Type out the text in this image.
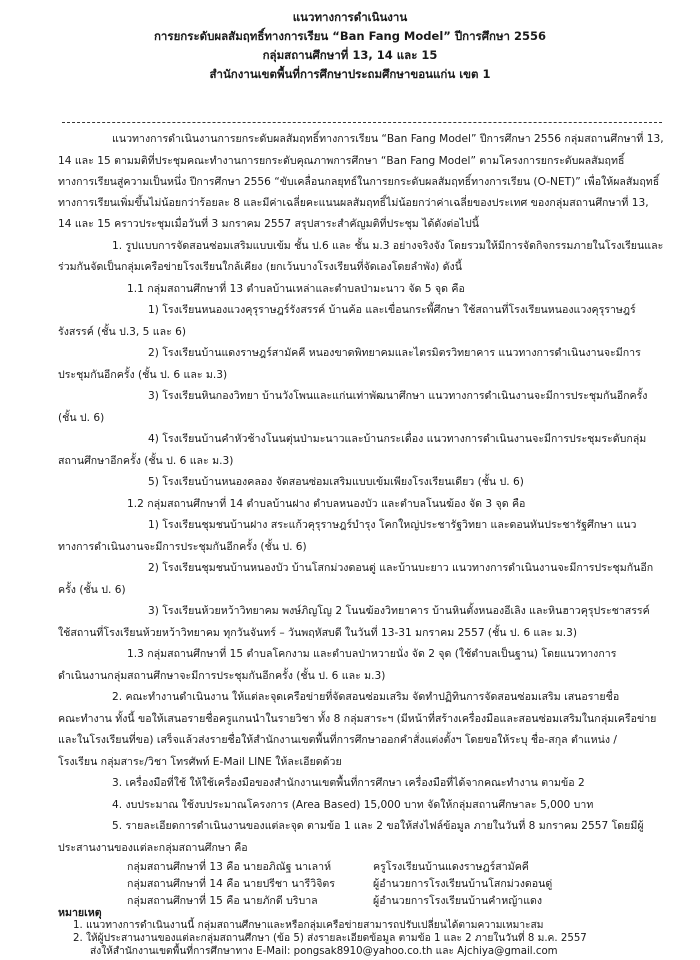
แนวทางการดำเนินงาน
การยกระดับผลสัมฤทธิ์ทางการเรียน “Ban Fang Model” ปีการศึกษา 2556
กลุ่มสถานศึกษาที่ 13, 14 และ 15
สำนักงานเขตพื้นที่การศึกษาประถมศึกษาขอนแก่น เขต 1
แนวทางการดำเนินงานการยกระดับผลสัมฤทธิ์ทางการเรียน “Ban Fang Model” ปีการศึกษา 2556 กลุ่มสถานศึกษาที่ 13,
14 และ 15 ตามมติที่ประชุมคณะทำงานการยกระดับคุณภาพการศึกษา “Ban Fang Model” ตามโครงการยกระดับผลสัมฤทธิ์
ทางการเรียนสู่ความเป็นหนึ่ง ปีการศึกษา 2556 “ขับเคลื่อนกลยุทธ์ในการยกระดับผลสัมฤทธิ์ทางการเรียน (O-NET)” เพื่อให้ผลสัมฤทธิ์
ทางการเรียนเพิ่มขึ้นไม่น้อยกว่าร้อยละ 8 และมีค่าเฉลี่ยคะแนนผลสัมฤทธิ์ไม่น้อยกว่าค่าเฉลี่ยของประเทศ ของกลุ่มสถานศึกษาที่ 13,
14 และ 15 คราวประชุมเมื่อวันที่ 3 มกราคม 2557 สรุปสาระสำคัญมติที่ประชุม ได้ดังต่อไปนี้
1. รูปแบบการจัดสอนซ่อมเสริมแบบเข้ม ชั้น ป.6 และ ชั้น ม.3 อย่างจริงจัง โดยรวมให้มีการจัดกิจกรรมภายในโรงเรียนและ
ร่วมกันจัดเป็นกลุ่มเครือข่ายโรงเรียนใกล้เคียง (ยกเว้นบางโรงเรียนที่จัดเองโดยลำพัง) ดังนี้
1.1 กลุ่มสถานศึกษาที่ 13 ตำบลบ้านเหล่าและตำบลป่ามะนาว จัด 5 จุด คือ
1) โรงเรียนหนองแวงคุรุราษฎร์รังสรรค์ บ้านค้อ และเขื่อนกระพี้ศึกษา ใช้สถานที่โรงเรียนหนองแวงคุรุราษฎร์
รังสรรค์ (ชั้น ป.3, 5 และ 6)
2) โรงเรียนบ้านแดงราษฎร์สามัคคี หนองขาดพิทยาคมและไตรมิตรวิทยาคาร แนวทางการดำเนินงานจะมีการ
ประชุมกันอีกครั้ง (ชั้น ป. 6 และ ม.3)
3) โรงเรียนหินกองวิทยา บ้านวังโพนและแก่นเท่าพัฒนาศึกษา แนวทางการดำเนินงานจะมีการประชุมกันอีกครั้ง
(ชั้น ป. 6)
4) โรงเรียนบ้านคำหัวช้างโนนตุ่นป่ามะนาวและบ้านกระเดื่อง แนวทางการดำเนินงานจะมีการประชุมระดับกลุ่ม
สถานศึกษาอีกครั้ง (ชั้น ป. 6 และ ม.3)
5) โรงเรียนบ้านหนองคลอง จัดสอนซ่อมเสริมแบบเข้มเพียงโรงเรียนเดียว (ชั้น ป. 6)
1.2 กลุ่มสถานศึกษาที่ 14 ตำบลบ้านฝาง ตำบลหนองบัว และตำบลโนนฆ้อง จัด 3 จุด คือ
1) โรงเรียนชุมชนบ้านฝาง สระแก้วคุรุราษฎร์บำรุง โคกใหญ่ประชารัฐวิทยา และดอนหันประชารัฐศึกษา แนว
ทางการดำเนินงานจะมีการประชุมกันอีกครั้ง (ชั้น ป. 6)
2) โรงเรียนชุมชนบ้านหนองบัว บ้านโสกม่วงดอนดู่ และบ้านบะยาว แนวทางการดำเนินงานจะมีการประชุมกันอีก
ครั้ง (ชั้น ป. 6)
3) โรงเรียนห้วยหว้าวิทยาคม พงษ์ภิญโญ 2 โนนฆ้องวิทยาคาร บ้านหินตั้งหนองอีเลิง และหินฮาวคุรุประชาสรรค์
ใช้สถานที่โรงเรียนห้วยหว้าวิทยาคม ทุกวันจันทร์ – วันพฤหัสบดี ในวันที่ 13-31 มกราคม 2557 (ชั้น ป. 6 และ ม.3)
1.3 กลุ่มสถานศึกษาที่ 15 ตำบลโคกงาม และตำบลป่าหวายนั่ง จัด 2 จุด (ใช้ตำบลเป็นฐาน) โดยแนวทางการ
ดำเนินงานกลุ่มสถานศึกษาจะมีการประชุมกันอีกครั้ง (ชั้น ป. 6 และ ม.3)
2. คณะทำงานดำเนินงาน ให้แต่ละจุดเครือข่ายที่จัดสอนซ่อมเสริม จัดทำปฏิทินการจัดสอนซ่อมเสริม เสนอรายชื่อ
คณะทำงาน ทั้งนี้ ขอให้เสนอรายชื่อครูแกนนำในรายวิชา ทั้ง 8 กลุ่มสาระฯ (มีหน้าที่สร้างเครื่องมือและสอนซ่อมเสริมในกลุ่มเครือข่าย
และในโรงเรียนที่ขอ) เสร็จแล้วส่งรายชื่อให้สำนักงานเขตพื้นที่การศึกษาออกคำสั่งแต่งตั้งฯ โดยขอให้ระบุ ชื่อ-สกุล ตำแหน่ง /
โรงเรียน กลุ่มสาระ/วิชา โทรศัพท์ E-Mail LINE ให้ละเอียดด้วย
3. เครื่องมือที่ใช้ ให้ใช้เครื่องมือของสำนักงานเขตพื้นที่การศึกษา เครื่องมือที่ได้จากคณะทำงาน ตามข้อ 2
4. งบประมาณ ใช้งบประมาณโครงการ (Area Based) 15,000 บาท จัดให้กลุ่มสถานศึกษาละ 5,000 บาท
5. รายละเอียดการดำเนินงานของแต่ละจุด ตามข้อ 1 และ 2 ขอให้ส่งไฟล์ข้อมูล ภายในวันที่ 8 มกราคม 2557 โดยมีผู้
ประสานงานของแต่ละกลุ่มสถานศึกษา คือ
กลุ่มสถานศึกษาที่ 13 คือ นายอภิณัฐ นาเลาห์	ครูโรงเรียนบ้านแดงราษฎร์สามัคคี
กลุ่มสถานศึกษาที่ 14 คือ นายปรีชา นารีวิจิตร	ผู้อำนวยการโรงเรียนบ้านโสกม่วงดอนดู่
กลุ่มสถานศึกษาที่ 15 คือ นายภักดี บริบาล	ผู้อำนวยการโรงเรียนบ้านคำหญ้าแดง
หมายเหตุ
1. แนวทางการดำเนินงานนี้ กลุ่มสถานศึกษาและหรือกลุ่มเครือข่ายสามารถปรับเปลี่ยนได้ตามความเหมาะสม
2. ให้ผู้ประสานงานของแต่ละกลุ่มสถานศึกษา (ข้อ 5) ส่งรายละเอียดข้อมูล ตามข้อ 1 และ 2 ภายในวันที่ 8 ม.ค. 2557
ส่งให้สำนักงานเขตพื้นที่การศึกษาทาง E-Mail: pongsak8910@yahoo.co.th และ Ajchiya@gmail.com
